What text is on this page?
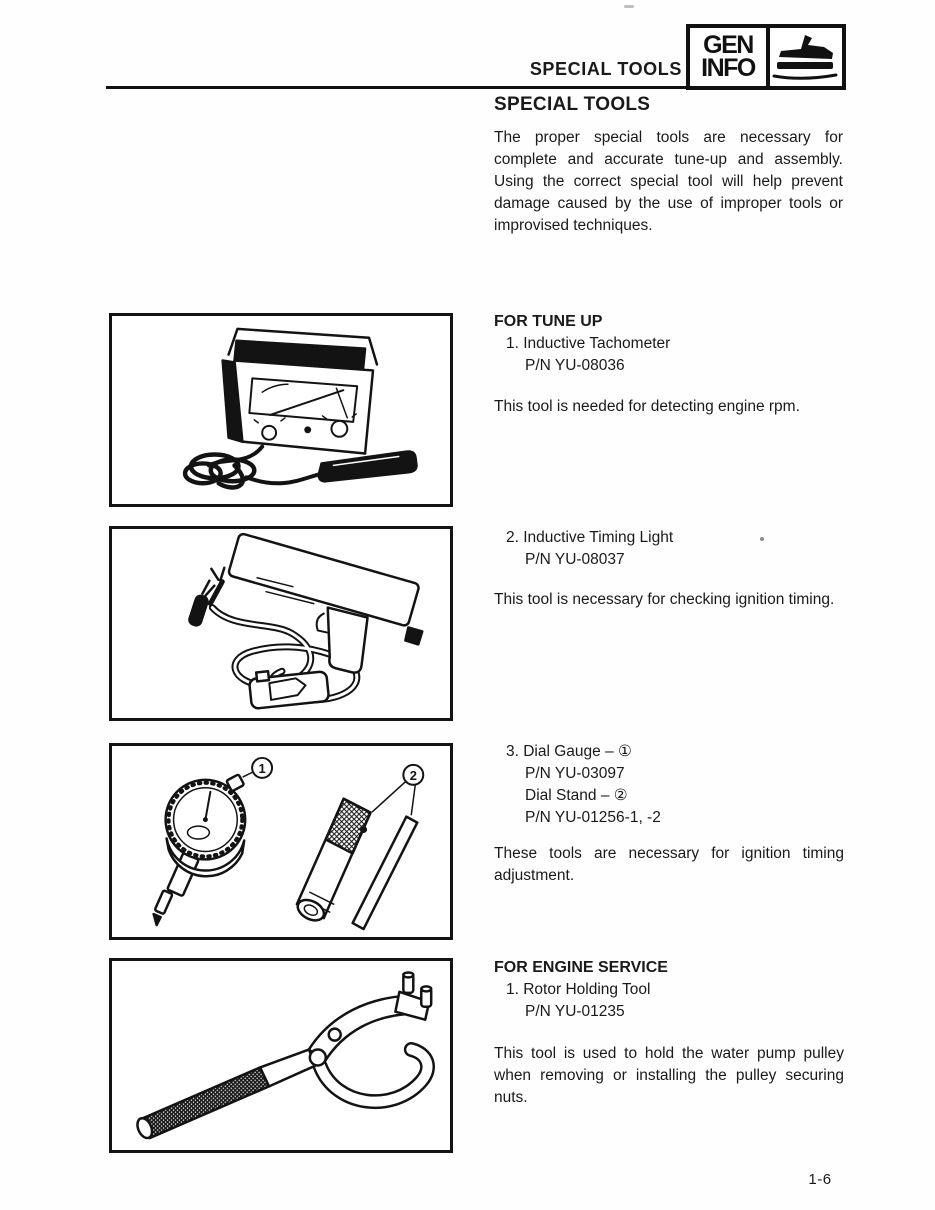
SPECIAL TOOLS
GEN
INFO
SPECIAL TOOLS
The proper special tools are necessary for complete and accurate tune-up and assembly. Using the correct special tool will help prevent damage caused by the use of improper tools or improvised techniques.
FOR TUNE UP
1. Inductive Tachometer
P/N YU-08036
This tool is needed for detecting engine rpm.
2. Inductive Timing Light
P/N YU-08037
This tool is necessary for checking ignition timing.
1	2
3. Dial Gauge – ①
P/N YU-03097
Dial Stand – ②
P/N YU-01256-1, -2
These tools are necessary for ignition timing adjustment.
FOR ENGINE SERVICE
1. Rotor Holding Tool
P/N YU-01235
This tool is used to hold the water pump pulley when removing or installing the pulley securing nuts.
1-6
